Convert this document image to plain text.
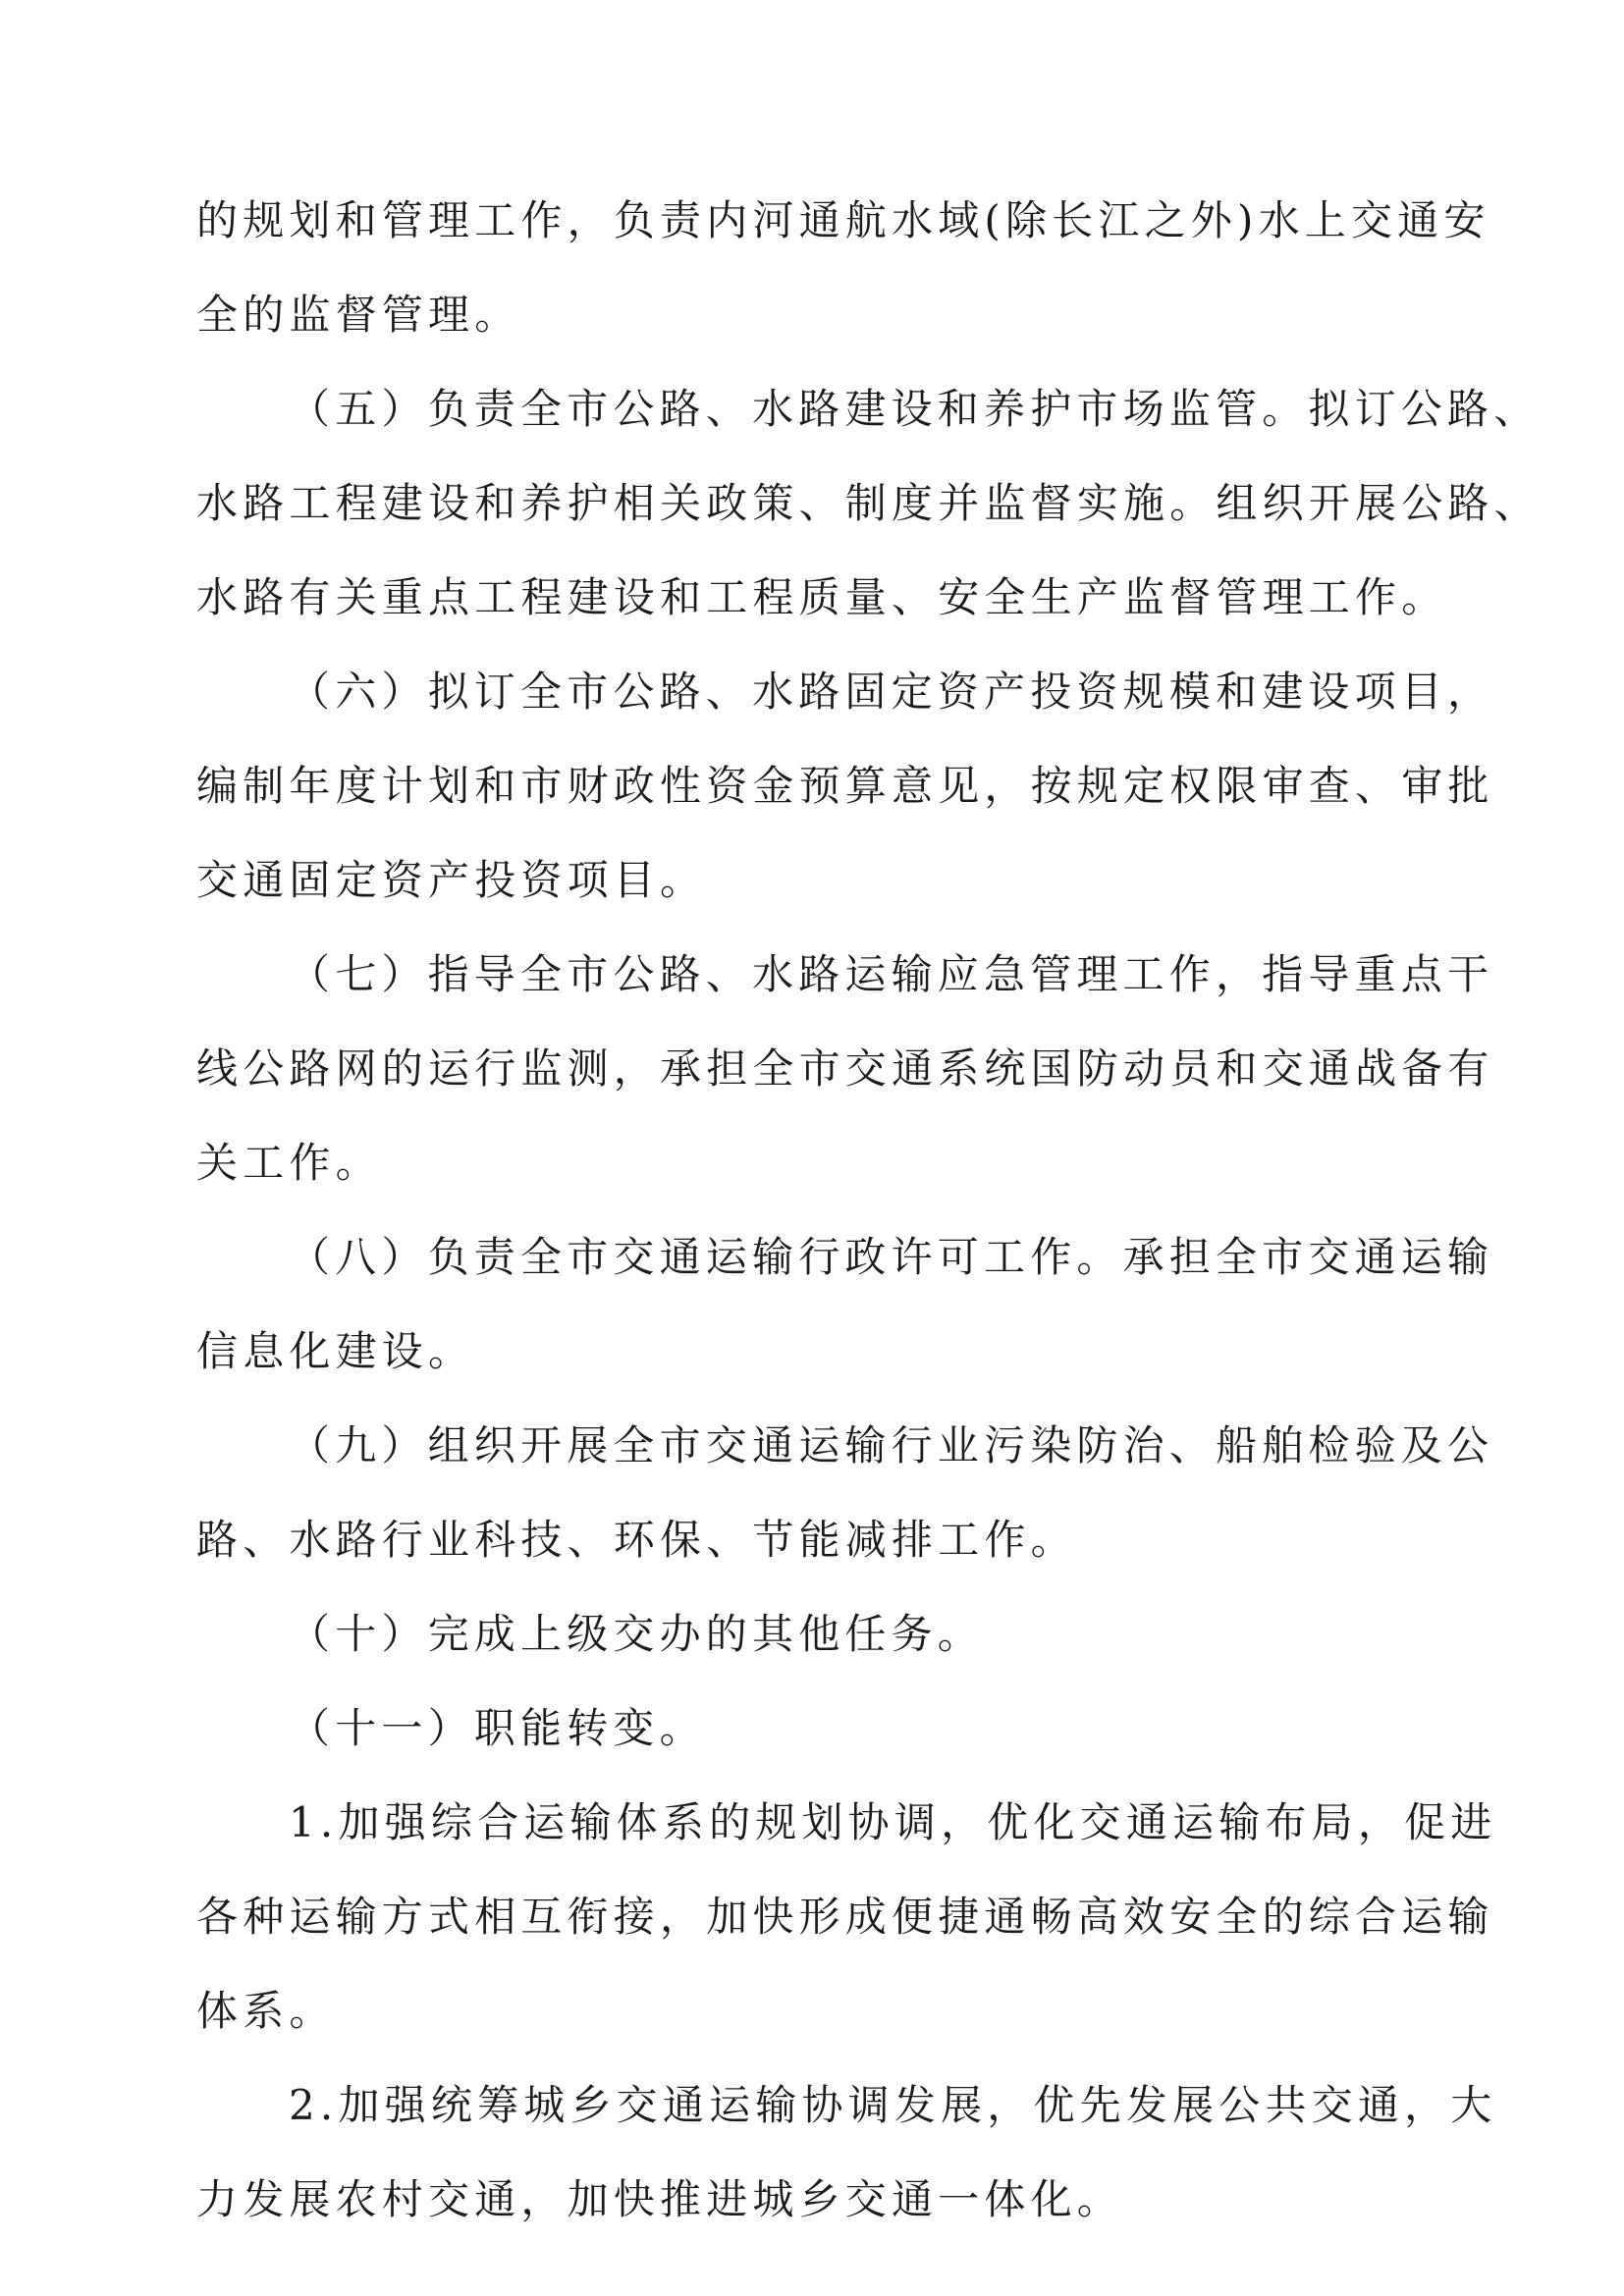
的规划和管理工作，负责内河通航水域(除长江之外)水上交通安
全的监督管理。

（五）负责全市公路、水路建设和养护市场监管。拟订公路、
水路工程建设和养护相关政策、制度并监督实施。组织开展公路、
水路有关重点工程建设和工程质量、安全生产监督管理工作。

（六）拟订全市公路、水路固定资产投资规模和建设项目，
编制年度计划和市财政性资金预算意见，按规定权限审查、审批
交通固定资产投资项目。

（七）指导全市公路、水路运输应急管理工作，指导重点干
线公路网的运行监测，承担全市交通系统国防动员和交通战备有
关工作。

（八）负责全市交通运输行政许可工作。承担全市交通运输
信息化建设。

（九）组织开展全市交通运输行业污染防治、船舶检验及公
路、水路行业科技、环保、节能减排工作。

（十）完成上级交办的其他任务。

（十一）职能转变。

1.加强综合运输体系的规划协调，优化交通运输布局，促进
各种运输方式相互衔接，加快形成便捷通畅高效安全的综合运输
体系。

2.加强统筹城乡交通运输协调发展，优先发展公共交通，大
力发展农村交通，加快推进城乡交通一体化。
